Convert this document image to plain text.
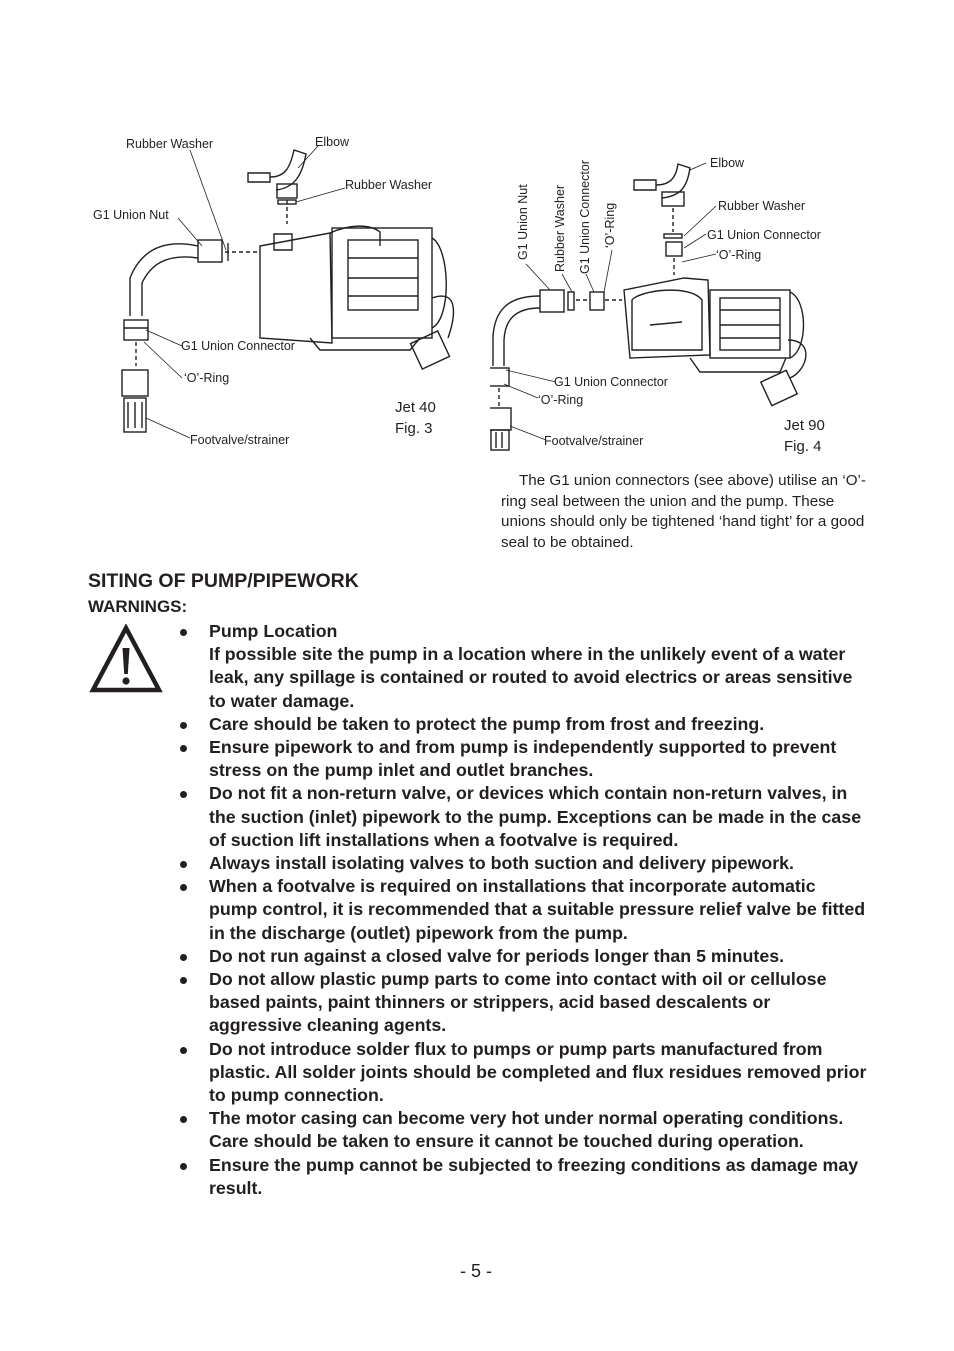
Rubber Washer	Elbow
Rubber Washer
G1 Union Nut
G1 Union Connector
‘O’-Ring
Footvalve/strainer
Jet 40
Fig. 3
G1 Union Nut Rubber Washer G1 Union Connector ‘O’-Ring
Elbow
Rubber Washer
G1 Union Connector
‘O’-Ring
G1 Union Connector
‘O’-Ring
Footvalve/strainer
Jet 90
Fig. 4

The G1 union connectors (see above) utilise an ‘O’-ring seal between the union and the pump. These unions should only be tightened ‘hand tight’ for a good seal to be obtained.

SITING OF PUMP/PIPEWORK
WARNINGS:
Pump Location
If possible site the pump in a location where in the unlikely event of a water leak, any spillage is contained or routed to avoid electrics or areas sensitive to water damage.
Care should be taken to protect the pump from frost and freezing.
Ensure pipework to and from pump is independently supported to prevent stress on the pump inlet and outlet branches.
Do not fit a non-return valve, or devices which contain non-return valves, in the suction (inlet) pipework to the pump. Exceptions can be made in the case of suction lift installations when a footvalve is required.
Always install isolating valves to both suction and delivery pipework.
When a footvalve is required on installations that incorporate automatic pump control, it is recommended that a suitable pressure relief valve be fitted in the discharge (outlet) pipework from the pump.
Do not run against a closed valve for periods longer than 5 minutes.
Do not allow plastic pump parts to come into contact with oil or cellulose based paints, paint thinners or strippers, acid based descalents or aggressive cleaning agents.
Do not introduce solder flux to pumps or pump parts manufactured from plastic. All solder joints should be completed and flux residues removed prior to pump connection.
The motor casing can become very hot under normal operating conditions. Care should be taken to ensure it cannot be touched during operation.
Ensure the pump cannot be subjected to freezing conditions as damage may result.
- 5 -
